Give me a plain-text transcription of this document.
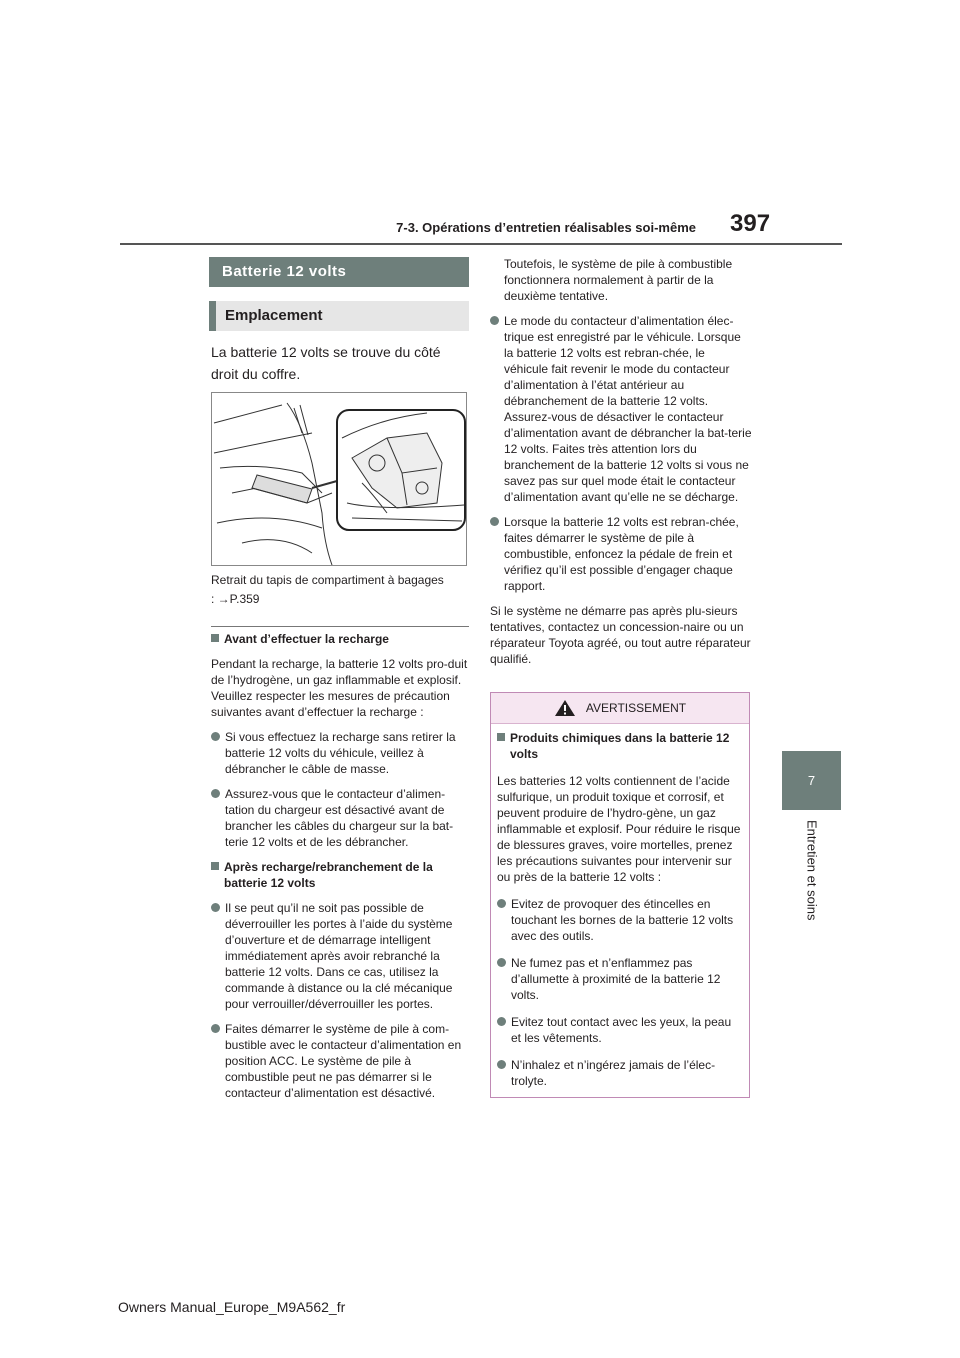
7-3. Opérations d’entretien réalisables soi-même 397
7
Entretien et soins
Batterie 12 volts
Emplacement
La batterie 12 volts se trouve du côté droit du coffre.
Retrait du tapis de compartiment à bagages
: →P.359

Avant d’effectuer la recharge

Pendant la recharge, la batterie 12 volts pro-duit de l’hydrogène, un gaz inflammable et explosif. Veuillez respecter les mesures de précaution suivantes avant d’effectuer la recharge :

Si vous effectuez la recharge sans retirer la batterie 12 volts du véhicule, veillez à débrancher le câble de masse.

Assurez-vous que le contacteur d’alimen-tation du chargeur est désactivé avant de brancher les câbles du chargeur sur la bat-terie 12 volts et de les débrancher.

Après recharge/rebranchement de la batterie 12 volts

Il se peut qu’il ne soit pas possible de déverrouiller les portes à l’aide du système d’ouverture et de démarrage intelligent immédiatement après avoir rebranché la batterie 12 volts. Dans ce cas, utilisez la commande à distance ou la clé mécanique pour verrouiller/déverrouiller les portes.

Faites démarrer le système de pile à com-bustible avec le contacteur d’alimentation en position ACC. Le système de pile à combustible peut ne pas démarrer si le contacteur d’alimentation est désactivé.

Toutefois, le système de pile à combustible fonctionnera normalement à partir de la deuxième tentative.

Le mode du contacteur d’alimentation élec-trique est enregistré par le véhicule. Lorsque la batterie 12 volts est rebran-chée, le véhicule fait revenir le mode du contacteur d’alimentation à l’état antérieur au débranchement de la batterie 12 volts. Assurez-vous de désactiver le contacteur d’alimentation avant de débrancher la bat-terie 12 volts. Faites très attention lors du branchement de la batterie 12 volts si vous ne savez pas sur quel mode était le contacteur d’alimentation avant qu’elle ne se décharge.

Lorsque la batterie 12 volts est rebran-chée, faites démarrer le système de pile à combustible, enfoncez la pédale de frein et vérifiez qu’il est possible d’engager chaque rapport.

Si le système ne démarre pas après plu-sieurs tentatives, contactez un concession-naire ou un réparateur Toyota agréé, ou tout autre réparateur qualifié.

AVERTISSEMENT

Produits chimiques dans la batterie 12 volts

Les batteries 12 volts contiennent de l’acide sulfurique, un produit toxique et corrosif, et peuvent produire de l’hydro-gène, un gaz inflammable et explosif. Pour réduire le risque de blessures graves, voire mortelles, prenez les précautions suivantes pour intervenir sur ou près de la batterie 12 volts :

Evitez de provoquer des étincelles en touchant les bornes de la batterie 12 volts avec des outils.

Ne fumez pas et n’enflammez pas d’allumette à proximité de la batterie 12 volts.

Evitez tout contact avec les yeux, la peau et les vêtements.

N’inhalez et n’ingérez jamais de l’élec-trolyte.

Owners Manual_Europe_M9A562_fr
